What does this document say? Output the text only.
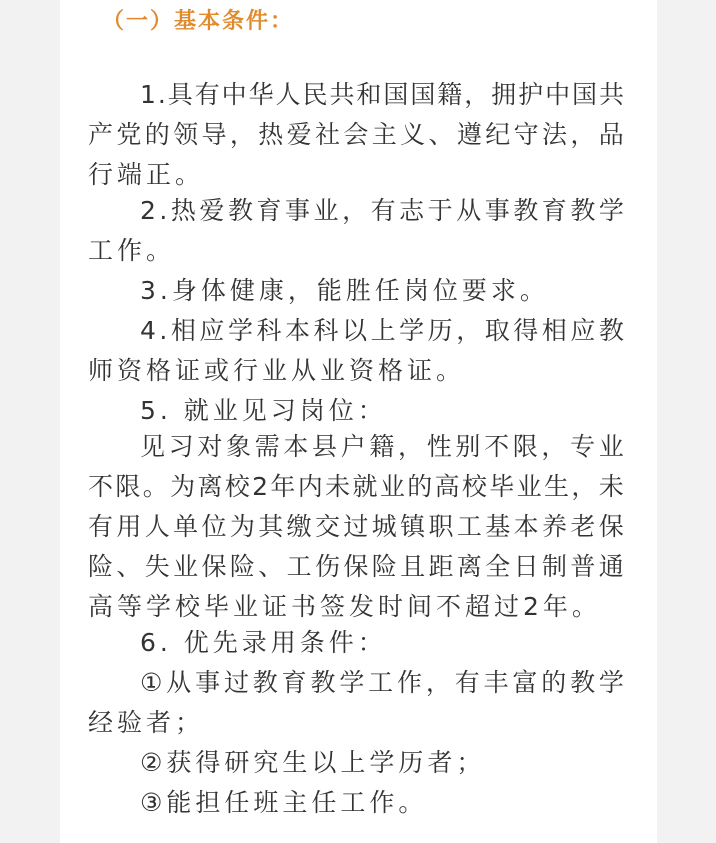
（一）基本条件：
1 . 具 有 中 华 人 民 共 和 国 国 籍 ， 拥 护 中 国 共
产 党 的 领 导 ， 热 爱 社 会 主 义 、 遵 纪 守 法 ， 品
行端正。
2 . 热 爱 教 育 事 业 ， 有 志 于 从 事 教 育 教 学
工作。
3.身体健康，能胜任岗位要求。
4 . 相 应 学 科 本 科 以 上 学 历 ， 取 得 相 应 教
师资格证或行业从业资格证。
5. 就业见习岗位：
见 习 对 象 需 本 县 户 籍 ， 性 别 不 限 ， 专 业
不 限 。 为 离 校 2 年 内 未 就 业 的 高 校 毕 业 生 ， 未
有 用 人 单 位 为 其 缴 交 过 城 镇 职 工 基 本 养 老 保
险 、 失 业 保 险 、 工 伤 保 险 且 距 离 全 日 制 普 通
高等学校毕业证书签发时间不超过2年。
6. 优先录用条件：
① 从 事 过 教 育 教 学 工 作 ， 有 丰 富 的 教 学
经验者；
②获得研究生以上学历者；
③能担任班主任工作。
